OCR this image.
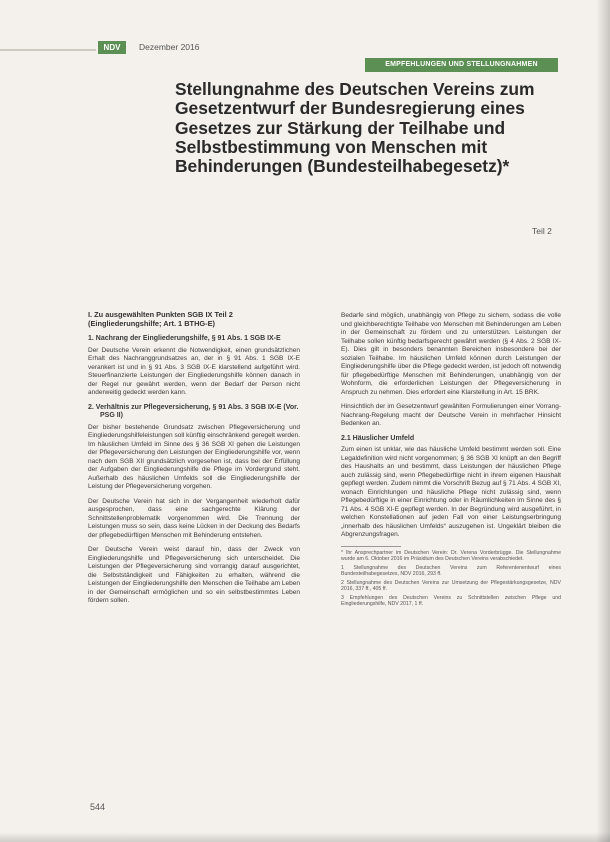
NDV	Dezember 2016
EMPFEHLUNGEN UND STELLUNGNAHMEN
Stellungnahme des Deutschen Vereins zum Gesetzentwurf der Bundesregierung eines Gesetzes zur Stärkung der Teilhabe und Selbstbestimmung von Menschen mit Behinderungen (Bundesteilhabegesetz)*
Teil 2
I. Zu ausgewählten Punkten SGB IX Teil 2 (Eingliederungshilfe; Art. 1 BTHG-E)
1. Nachrang der Eingliederungshilfe, § 91 Abs. 1 SGB IX-E

Der Deutsche Verein erkennt die Notwendigkeit, einen grundsätzlichen Erhalt des Nachranggrundsatzes an, der in § 91 Abs. 1 SGB IX-E verankert ist und in § 91 Abs. 3 SGB IX-E klarstellend aufgeführt wird. Steuerfinanzierte Leistungen der Eingliederungshilfe können danach in der Regel nur gewährt werden, wenn der Bedarf der Person nicht anderweitig gedeckt werden kann.

2. Verhältnis zur Pflegeversicherung, § 91 Abs. 3 SGB IX-E (Vor. PSG II)

Der bisher bestehende Grundsatz zwischen Pflegeversicherung und Eingliederungshilfeleistungen soll künftig einschränkend geregelt werden. Im häuslichen Umfeld im Sinne des § 36 SGB XI gehen die Leistungen der Pflegeversicherung den Leistungen der Eingliederungshilfe vor, wenn nach dem SGB XII grundsätzlich vorgesehen ist, dass bei der Erfüllung der Aufgaben der Eingliederungshilfe die Pflege im Vordergrund steht. Außerhalb des häuslichen Umfelds soll die Eingliederungshilfe der Leistung der Pflegeversicherung vorgehen.

Der Deutsche Verein hat sich in der Vergangenheit wiederholt dafür ausgesprochen, dass eine sachgerechte Klärung der Schnittstellenproblematik vorgenommen wird. Die Trennung der Leistungen muss so sein, dass keine Lücken in der Deckung des Bedarfs der pflegebedürftigen Menschen mit Behinderung entstehen.

Der Deutsche Verein weist darauf hin, dass der Zweck von Eingliederungshilfe und Pflegeversicherung sich unterscheidet. Die Leistungen der Pflegeversicherung sind vorrangig darauf ausgerichtet, die Selbstständigkeit und Fähigkeiten zu erhalten, während die Leistungen der Eingliederungshilfe den Menschen die Teilhabe am Leben in der Gemeinschaft ermöglichen und so ein selbstbestimmtes Leben fördern sollen.

Bedarfe sind möglich, unabhängig von Pflege zu sichern, sodass die volle und gleichberechtigte Teilhabe von Menschen mit Behinderungen am Leben in der Gemeinschaft zu fördern und zu unterstützen. Leistungen der Teilhabe sollen künftig bedarfsgerecht gewährt werden (§ 4 Abs. 2 SGB IX-E). Dies gilt in besonders benannten Bereichen insbesondere bei der sozialen Teilhabe. Im häuslichen Umfeld können durch Leistungen der Eingliederungshilfe über die Pflege gedeckt werden, ist jedoch oft notwendig für pflegebedürftige Menschen mit Behinderungen, unabhängig von der Wohnform, die erforderlichen Leistungen der Pflegeversicherung in Anspruch zu nehmen. Dies erfordert eine Klarstellung in Art. 15 BRK.

Hinsichtlich der im Gesetzentwurf gewählten Formulierungen einer Vorrang-Nachrang-Regelung macht der Deutsche Verein in mehrfacher Hinsicht Bedenken an.

2.1 Häuslicher Umfeld

Zum einen ist unklar, wie das häusliche Umfeld bestimmt werden soll. Eine Legaldefinition wird nicht vorgenommen; § 36 SGB XI knüpft an den Begriff des Haushalts an und bestimmt, dass Leistungen der häuslichen Pflege auch zulässig sind, wenn Pflegebedürftige nicht in ihrem eigenen Haushalt gepflegt werden. Zudem nimmt die Vorschrift Bezug auf § 71 Abs. 4 SGB XI, wonach Einrichtungen und häusliche Pflege nicht zulässig sind, wenn Pflegebedürftige in einer Einrichtung oder in Räumlichkeiten im Sinne des § 71 Abs. 4 SGB XI-E gepflegt werden. In der Begründung wird ausgeführt, in welchen Konstellationen auf jeden Fall von einer Leistungserbringung „innerhalb des häuslichen Umfelds“ auszugehen ist. Ungeklärt bleiben die Abgrenzungsfragen.

* Ihr Ansprechpartner im Deutschen Verein: Dr. Verena Vorderbrügge. Die Stellungnahme wurde am 6. Oktober 2016 im Präsidium des Deutschen Vereins verabschiedet.

1 Stellungnahme des Deutschen Vereins zum Referentenentwurf eines Bundesteilhabegesetzes, NDV 2016, 293 ff.

2 Stellungnahme des Deutschen Vereins zur Umsetzung der Pflegestärkungsgesetze, NDV 2016, 337 ff., 405 ff.

3 Empfehlungen des Deutschen Vereins zu Schnittstellen zwischen Pflege und Eingliederungshilfe, NDV 2017, 1 ff.

544
